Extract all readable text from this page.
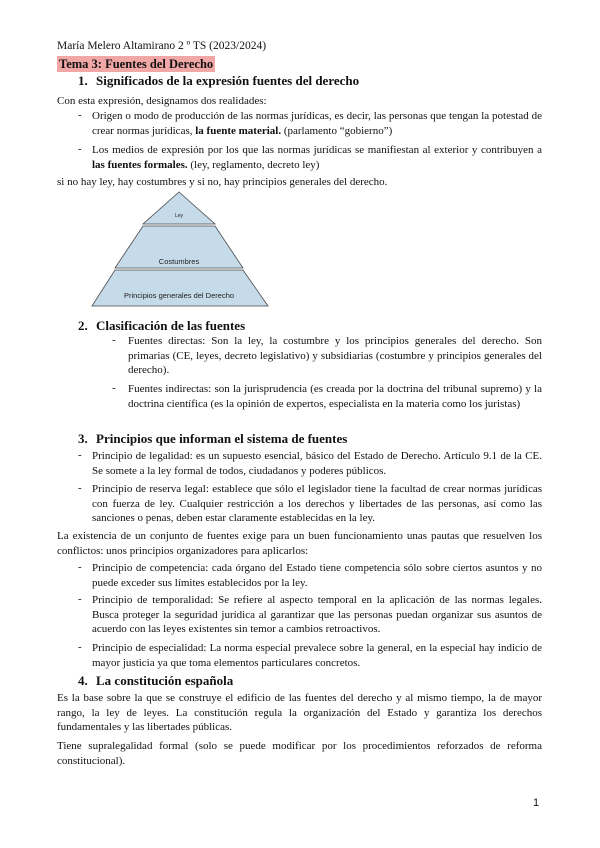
María Melero Altamirano 2 º TS (2023/2024)
Tema 3: Fuentes del Derecho
1. Significados de la expresión fuentes del derecho
Con esta expresión, designamos dos realidades:
- Origen o modo de producción de las normas jurídicas, es decir, las personas que tengan la potestad de crear normas jurídicas, la fuente material. (parlamento “gobierno”)
- Los medios de expresión por los que las normas jurídicas se manifiestan al exterior y contribuyen a las fuentes formales. (ley, reglamento, decreto ley)
si no hay ley, hay costumbres y si no, hay principios generales del derecho.
Ley
Costumbres
Principios generales del Derecho
2. Clasificación de las fuentes
- Fuentes directas: Son la ley, la costumbre y los principios generales del derecho. Son primarias (CE, leyes, decreto legislativo) y subsidiarias (costumbre y principios generales del derecho).
- Fuentes indirectas: son la jurisprudencia (es creada por la doctrina del tribunal supremo) y la doctrina científica (es la opinión de expertos, especialista en la materia como los juristas)
3. Principios que informan el sistema de fuentes
- Principio de legalidad: es un supuesto esencial, básico del Estado de Derecho. Artículo 9.1 de la CE. Se somete a la ley formal de todos, ciudadanos y poderes públicos.
- Principio de reserva legal: establece que sólo el legislador tiene la facultad de crear normas jurídicas con fuerza de ley. Cualquier restricción a los derechos y libertades de las personas, así como las sanciones o penas, deben estar claramente establecidas en la ley.
La existencia de un conjunto de fuentes exige para un buen funcionamiento unas pautas que resuelven los conflictos: unos principios organizadores para aplicarlos:
- Principio de competencia: cada órgano del Estado tiene competencia sólo sobre ciertos asuntos y no puede exceder sus límites establecidos por la ley.
- Principio de temporalidad: Se refiere al aspecto temporal en la aplicación de las normas legales. Busca proteger la seguridad jurídica al garantizar que las personas puedan organizar sus asuntos de acuerdo con las leyes existentes sin temor a cambios retroactivos.
- Principio de especialidad: La norma especial prevalece sobre la general, en la especial hay indicio de mayor justicia ya que toma elementos particulares concretos.
4. La constitución española
Es la base sobre la que se construye el edificio de las fuentes del derecho y al mismo tiempo, la de mayor rango, la ley de leyes. La constitución regula la organización del Estado y garantiza los derechos fundamentales y las libertades públicas.
Tiene supralegalidad formal (solo se puede modificar por los procedimientos reforzados de reforma constitucional).
1
